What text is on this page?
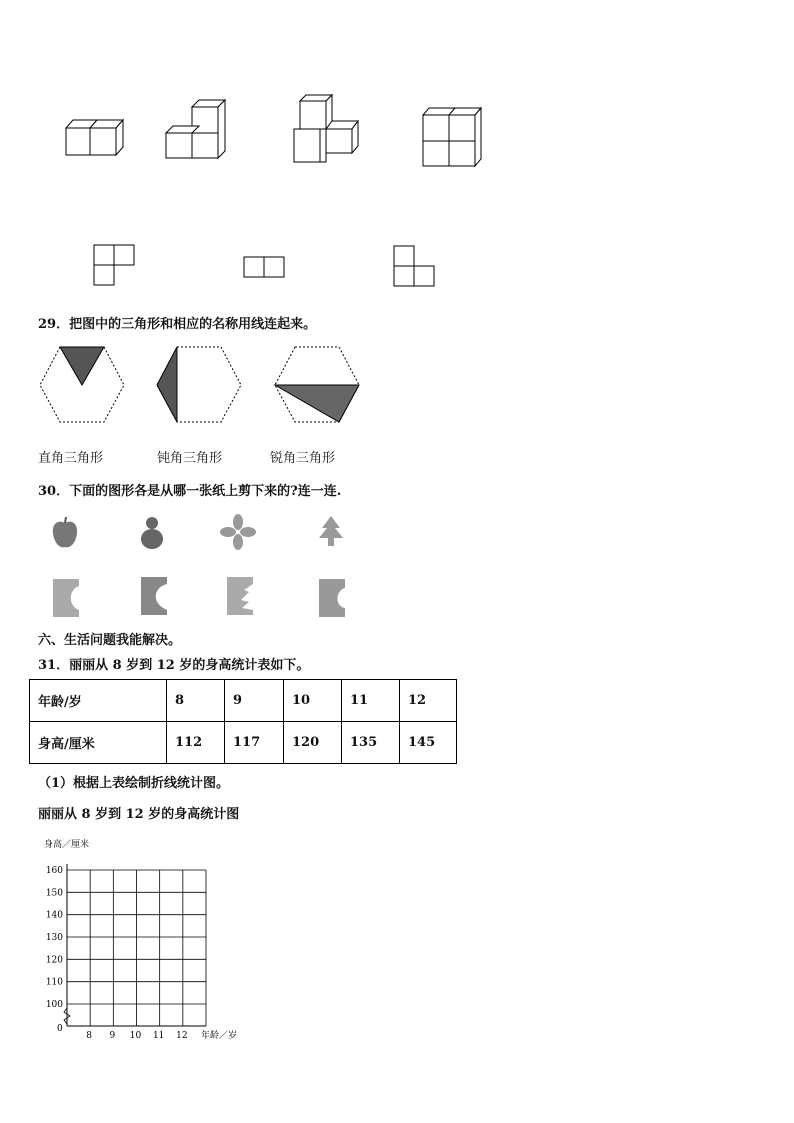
29．把图中的三角形和相应的名称用线连起来。
直角三角形	钝角三角形	锐角三角形
30．下面的图形各是从哪一张纸上剪下来的?连一连.
六、生活问题我能解决。
31．丽丽从 8 岁到 12 岁的身高统计表如下。
年龄/岁	8	9	10	11	12
身高/厘米	112	117	120	135	145
（1）根据上表绘制折线统计图。
丽丽从 8 岁到 12 岁的身高统计图
身高／厘米
年龄／岁
0
160
150
140
130
120
110
100
8 9 10 11 12
